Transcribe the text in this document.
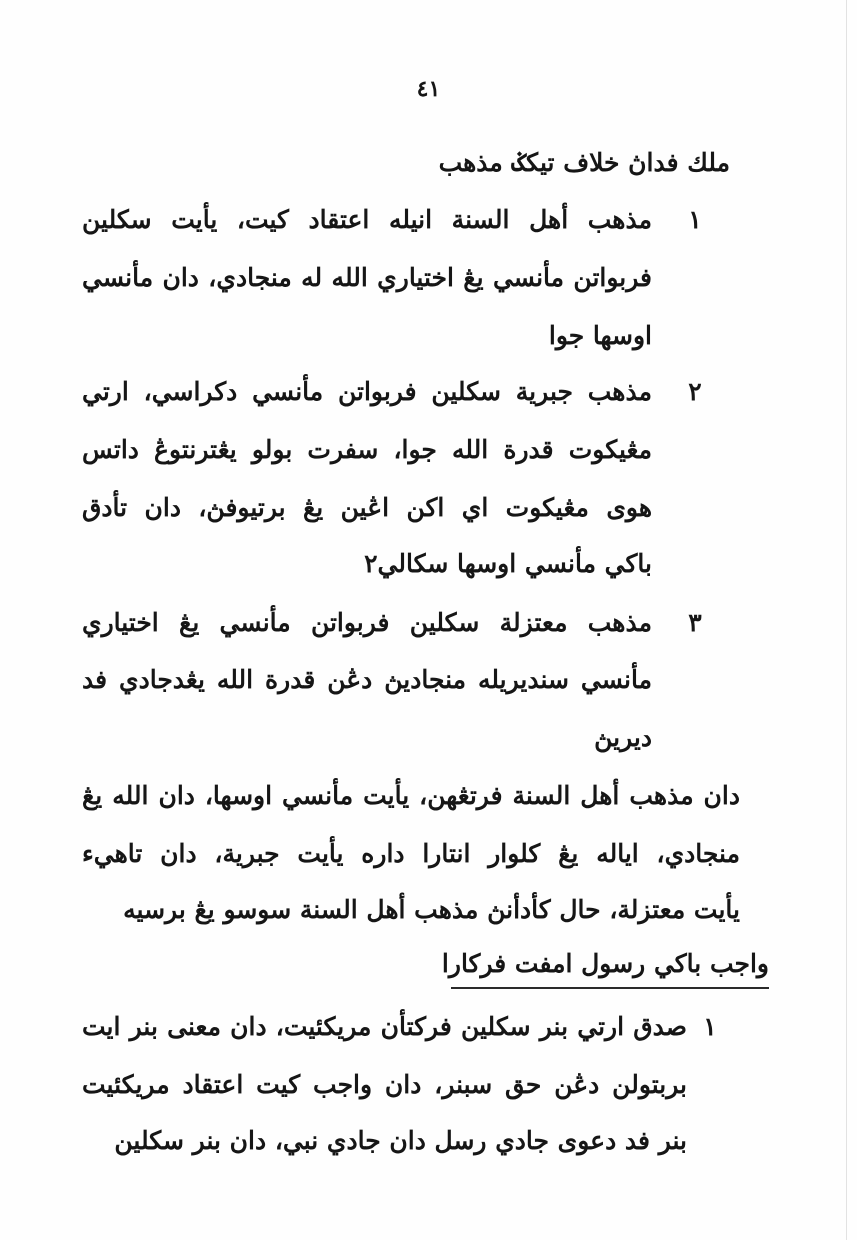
٤١
ملك فداڽ خلاف تيكݢ مذهب
١
مذهب أهل السنة انيله اعتقاد كيت، يأيت سكلين
فربواتن مأنسي يڠ اختياري الله له منجادي، دان مأنسي
اوسها جوا
٢
مذهب جبرية سكلين فربواتن مأنسي دكراسي، ارتي
مڠيكوت قدرة الله جوا، سفرت بولو يڠترنتوڠ داتس
هوى مڠيكوت اي اكن اڠين يڠ برتيوفڽ، دان تأدق
باكي مأنسي اوسها سكالي٢
٣
مذهب معتزلة سكلين فربواتن مأنسي يڠ اختياري
مأنسي سنديريله منجاديڽ دڠن قدرة الله يڠدجادي فد
ديريڽ
دان مذهب أهل السنة فرتڠهن، يأيت مأنسي اوسها، دان الله يڠ
منجادي، اياله يڠ كلوار انتارا داره يأيت جبرية، دان تاهيء
يأيت معتزلة، حال كأدأنڽ مذهب أهل السنة سوسو يڠ برسيه
واجب باكي رسول امفت فركارا
١
صدق ارتي بنر سكلين فركتأن مريكئيت، دان معنى بنر ايت
بربتولن دڠن حق سبنر، دان واجب كيت اعتقاد مريكئيت
بنر فد دعوى جادي رسل دان جادي نبي، دان بنر سكلين
